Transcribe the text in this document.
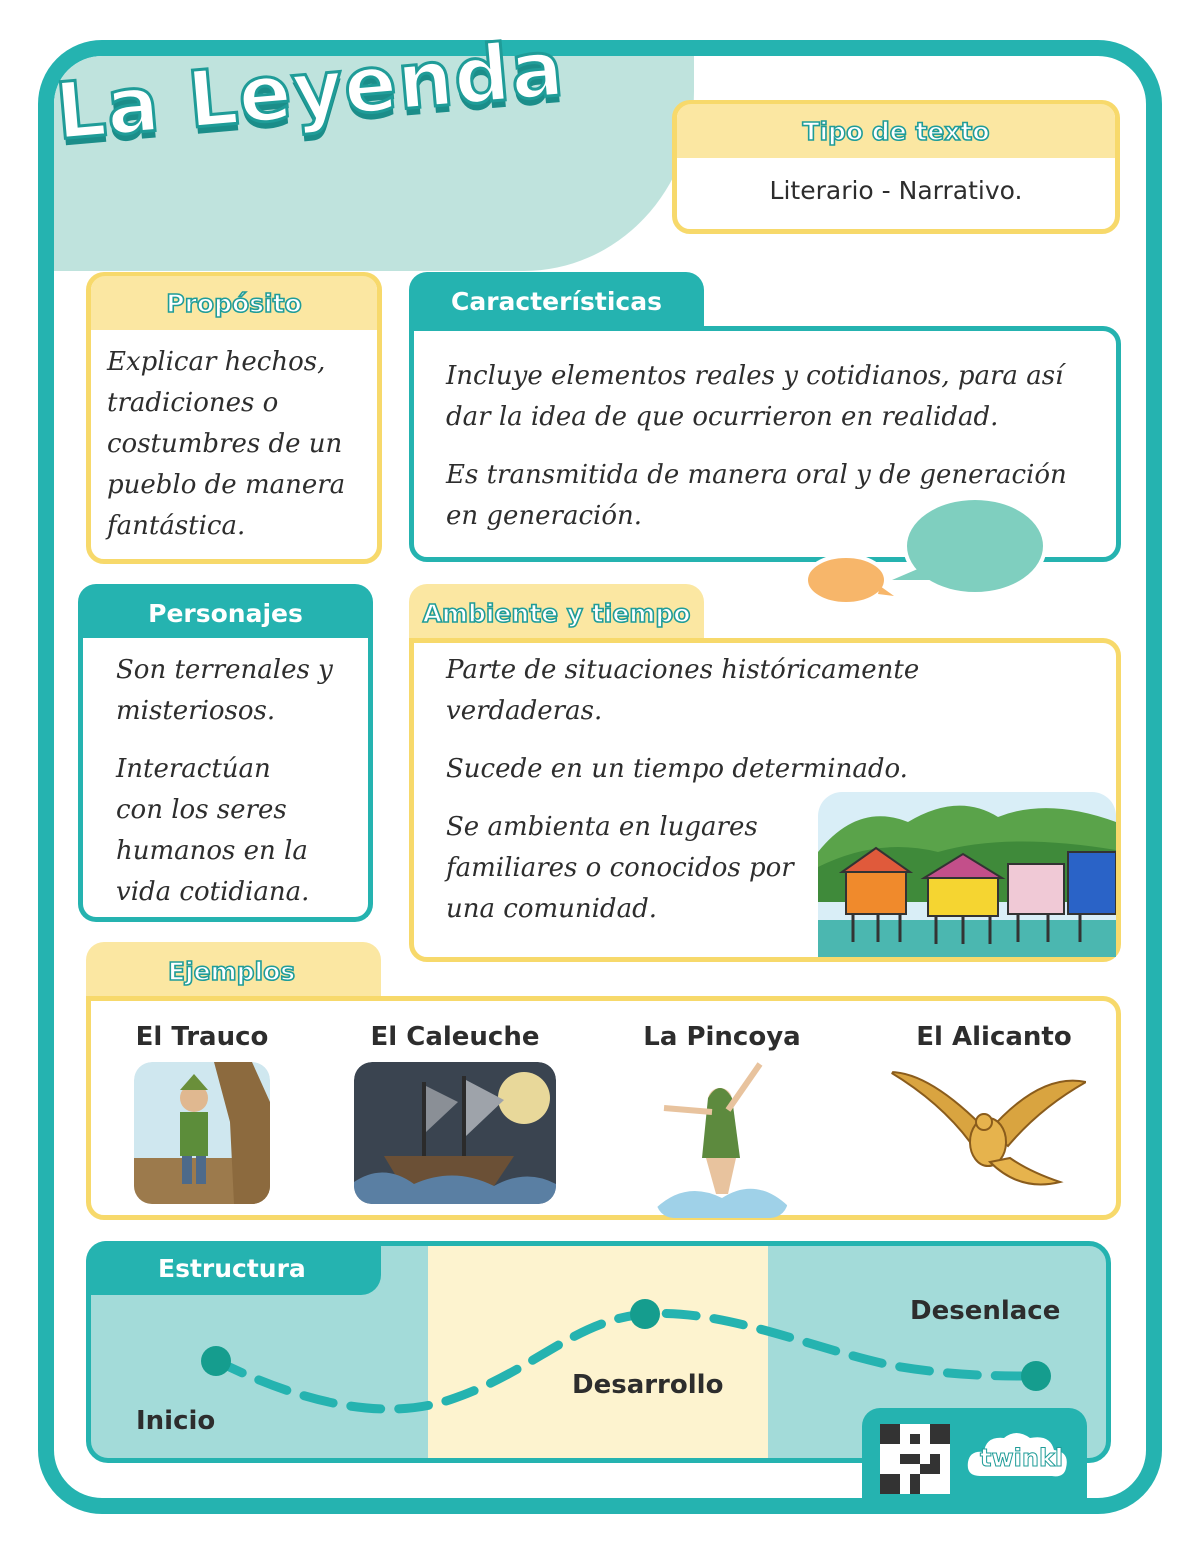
La Leyenda	Tipo de texto
Literario - Narrativo.
Propósito
Explicar hechos,
tradiciones o
costumbres de un
pueblo de manera
fantástica.
Características

Incluye elementos reales y cotidianos, para así
dar la idea de que ocurrieron en realidad.

Es transmitida de manera oral y de generación
en generación.

Personajes

Son terrenales y
misteriosos.

Interactúan
con los seres
humanos en la
vida cotidiana.

Ambiente y tiempo

Parte de situaciones históricamente
verdaderas.

Sucede en un tiempo determinado.

Se ambienta en lugares
familiares o conocidos por
una comunidad.

Ejemplos
El Trauco	El Caleuche	La Pincoya	El Alicanto
Estructura
Inicio
Desarrollo
Desenlace
twinkl
